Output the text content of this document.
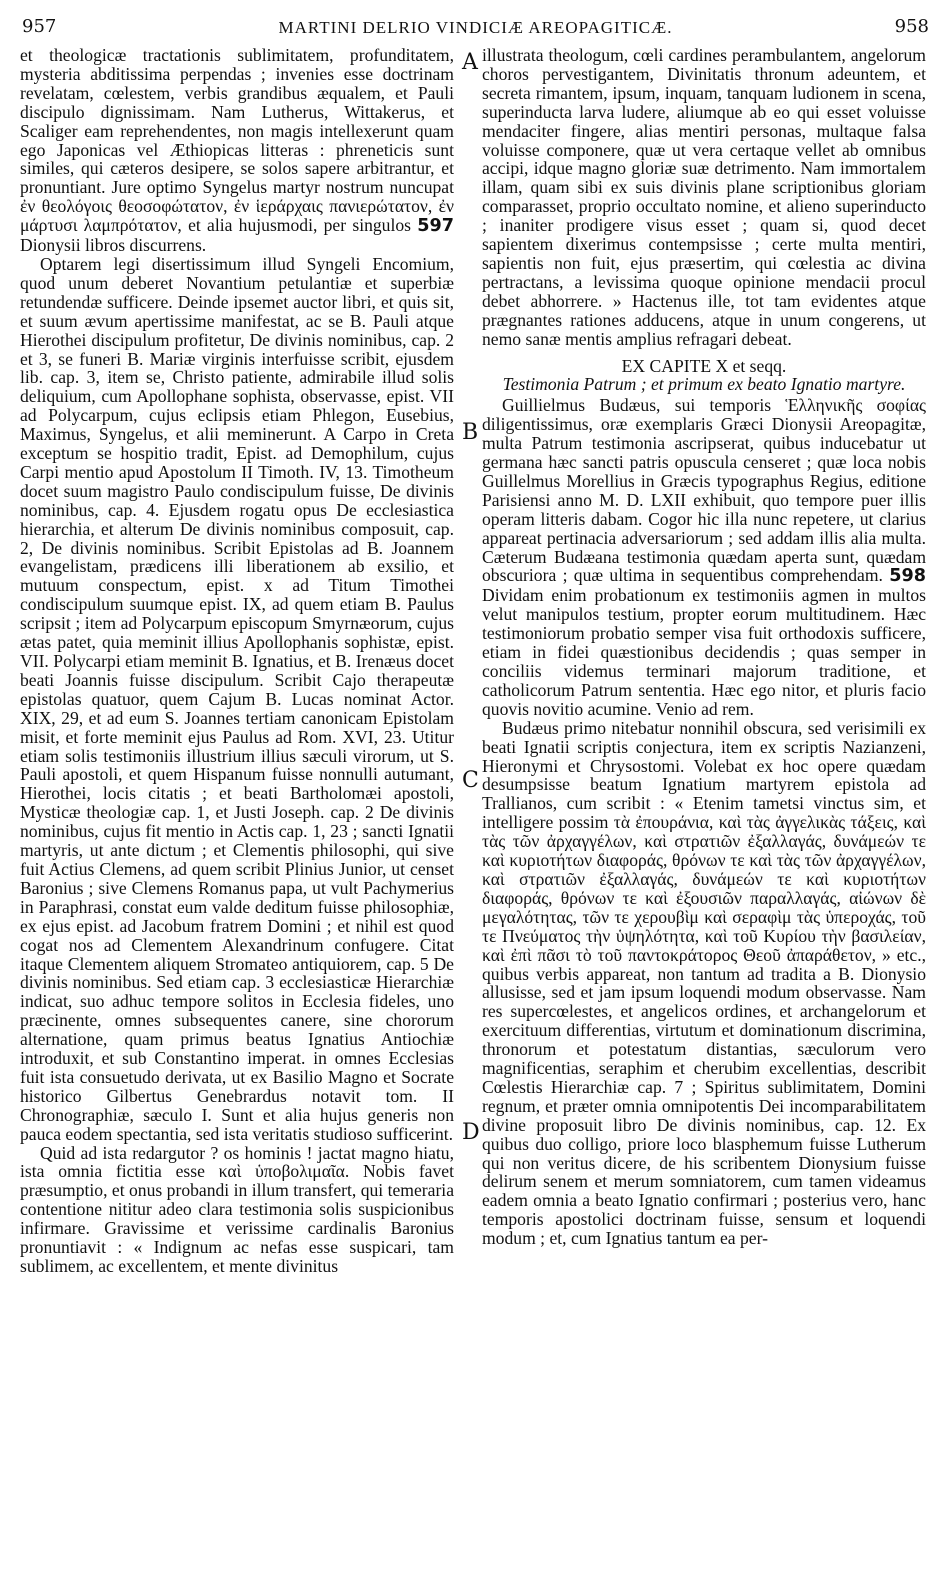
957	MARTINI DELRIO VINDICIÆ AREOPAGITICÆ.	958
A
B
C
D

et theologicæ tractationis sublimitatem, profunditatem, mysteria abditissima perpendas ; invenies esse doctrinam revelatam, cœlestem, verbis grandibus æqualem, et Pauli discipulo dignissimam. Nam Lutherus, Wittakerus, et Scaliger eam reprehendentes, non magis intellexerunt quam ego Japonicas vel Æthiopicas litteras : phreneticis sunt similes, qui cæteros desipere, se solos sapere arbitrantur, et pronuntiant. Jure optimo Syngelus martyr nostrum nuncupat ἐν θεολόγοις θεοσοφώτατον, ἐν ἱεράρχαις πανιερώτατον, ἐν μάρτυσι λαμπρότατον, et alia hujusmodi, per singulos 597 Dionysii libros discurrens.

Optarem legi disertissimum illud Syngeli Encomium, quod unum deberet Novantium petulantiæ et superbiæ retundendæ sufficere. Deinde ipsemet auctor libri, et quis sit, et suum ævum apertissime manifestat, ac se B. Pauli atque Hierothei discipulum profitetur, De divinis nominibus, cap. 2 et 3, se funeri B. Mariæ virginis interfuisse scribit, ejusdem lib. cap. 3, item se, Christo patiente, admirabile illud solis deliquium, cum Apollophane sophista, observasse, epist. VII ad Polycarpum, cujus eclipsis etiam Phlegon, Eusebius, Maximus, Syngelus, et alii meminerunt. A Carpo in Creta exceptum se hospitio tradit, Epist. ad Demophilum, cujus Carpi mentio apud Apostolum II Timoth. IV, 13. Timotheum docet suum magistro Paulo condiscipulum fuisse, De divinis nominibus, cap. 4. Ejusdem rogatu opus De ecclesiastica hierarchia, et alterum De divinis nominibus composuit, cap. 2, De divinis nominibus. Scribit Epistolas ad B. Joannem evangelistam, prædicens illi liberationem ab exsilio, et mutuum conspectum, epist. x ad Titum Timothei condiscipulum suumque epist. IX, ad quem etiam B. Paulus scripsit ; item ad Polycarpum episcopum Smyrnæorum, cujus ætas patet, quia meminit illius Apollophanis sophistæ, epist. VII. Polycarpi etiam meminit B. Ignatius, et B. Irenæus docet beati Joannis fuisse discipulum. Scribit Cajo therapeutæ epistolas quatuor, quem Cajum B. Lucas nominat Actor. XIX, 29, et ad eum S. Joannes tertiam canonicam Epistolam misit, et forte meminit ejus Paulus ad Rom. XVI, 23. Utitur etiam solis testimoniis illustrium illius sæculi virorum, ut S. Pauli apostoli, et quem Hispanum fuisse nonnulli autumant, Hierothei, locis citatis ; et beati Bartholomæi apostoli, Mysticæ theologiæ cap. 1, et Justi Joseph. cap. 2 De divinis nominibus, cujus fit mentio in Actis cap. 1, 23 ; sancti Ignatii martyris, ut ante dictum ; et Clementis philosophi, qui sive fuit Actius Clemens, ad quem scribit Plinius Junior, ut censet Baronius ; sive Clemens Romanus papa, ut vult Pachymerius in Paraphrasi, constat eum valde deditum fuisse philosophiæ, ex ejus epist. ad Jacobum fratrem Domini ; et nihil est quod cogat nos ad Clementem Alexandrinum confugere. Citat itaque Clementem aliquem Stromateo antiquiorem, cap. 5 De divinis nominibus. Sed etiam cap. 3 ecclesiasticæ Hierarchiæ indicat, suo adhuc tempore solitos in Ecclesia fideles, uno præcinente, omnes subsequentes canere, sine chororum alternatione, quam primus beatus Ignatius Antiochiæ introduxit, et sub Constantino imperat. in omnes Ecclesias fuit ista consuetudo derivata, ut ex Basilio Magno et Socrate historico Gilbertus Genebrardus notavit tom. II Chronographiæ, sæculo I. Sunt et alia hujus generis non pauca eodem spectantia, sed ista veritatis studioso sufficerint.

Quid ad ista redargutor ? os hominis ! jactat magno hiatu, ista omnia fictitia esse καὶ ὑποβολιμαῖα. Nobis favet præsumptio, et onus probandi in illum transfert, qui temeraria contentione nititur adeo clara testimonia solis suspicionibus infirmare. Gravissime et verissime cardinalis Baronius pronuntiavit : « Indignum ac nefas esse suspicari, tam sublimem, ac excellentem, et mente divinitus

illustrata theologum, cœli cardines perambulantem, angelorum choros pervestigantem, Divinitatis thronum adeuntem, et secreta rimantem, ipsum, inquam, tanquam ludionem in scena, superinducta larva ludere, aliumque ab eo qui esset voluisse mendaciter fingere, alias mentiri personas, multaque falsa voluisse componere, quæ ut vera certaque vellet ab omnibus accipi, idque magno gloriæ suæ detrimento. Nam immortalem illam, quam sibi ex suis divinis plane scriptionibus gloriam comparasset, proprio occultato nomine, et alieno superinducto ; inaniter prodigere visus esset ; quam si, quod decet sapientem dixerimus contempsisse ; certe multa mentiri, sapientis non fuit, ejus præsertim, qui cœlestia ac divina pertractans, a levissima quoque opinione mendacii procul debet abhorrere. » Hactenus ille, tot tam evidentes atque prægnantes rationes adducens, atque in unum congerens, ut nemo sanæ mentis amplius refragari debeat.

EX CAPITE X et seqq.

Testimonia Patrum ; et primum ex beato Ignatio martyre.

Guillielmus Budæus, sui temporis Ἑλληνικῆς σοφίας diligentissimus, oræ exemplaris Græci Dionysii Areopagitæ, multa Patrum testimonia ascripserat, quibus inducebatur ut germana hæc sancti patris opuscula censeret ; quæ loca nobis Guillelmus Morellius in Græcis typographus Regius, editione Parisiensi anno M. D. LXII exhibuit, quo tempore puer illis operam litteris dabam. Cogor hic illa nunc repetere, ut clarius appareat pertinacia adversariorum ; sed addam illis alia multa. Cæterum Budæana testimonia quædam aperta sunt, quædam obscuriora ; quæ ultima in sequentibus comprehendam. 598 Dividam enim probationum ex testimoniis agmen in multos velut manipulos testium, propter eorum multitudinem. Hæc testimoniorum probatio semper visa fuit orthodoxis sufficere, etiam in fidei quæstionibus decidendis ; quas semper in conciliis videmus terminari majorum traditione, et catholicorum Patrum sententia. Hæc ego nitor, et pluris facio quovis novitio acumine. Venio ad rem.

Budæus primo nitebatur nonnihil obscura, sed verisimili ex beati Ignatii scriptis conjectura, item ex scriptis Nazianzeni, Hieronymi et Chrysostomi. Volebat ex hoc opere quædam desumpsisse beatum Ignatium martyrem epistola ad Trallianos, cum scribit : « Etenim tametsi vinctus sim, et intelligere possim τὰ ἐπουράνια, καὶ τὰς ἀγγελικὰς τάξεις, καὶ τὰς τῶν ἀρχαγγέλων, καὶ στρατιῶν ἐξαλλαγάς, δυνάμεών τε καὶ κυριοτήτων διαφοράς, θρόνων τε καὶ τὰς τῶν ἀρχαγγέλων, καὶ στρατιῶν ἐξαλλαγάς, δυνάμεών τε καὶ κυριοτήτων διαφοράς, θρόνων τε καὶ ἐξουσιῶν παραλλαγάς, αἰώνων δὲ μεγαλότητας, τῶν τε χερουβὶμ καὶ σεραφὶμ τὰς ὑπεροχάς, τοῦ τε Πνεύματος τὴν ὑψηλότητα, καὶ τοῦ Κυρίου τὴν βασιλείαν, καὶ ἐπὶ πᾶσι τὸ τοῦ παντοκράτορος Θεοῦ ἀπαράθετον, » etc., quibus verbis appareat, non tantum ad tradita a B. Dionysio allusisse, sed et jam ipsum loquendi modum observasse. Nam res supercœlestes, et angelicos ordines, et archangelorum et exercituum differentias, virtutum et dominationum discrimina, thronorum et potestatum distantias, sæculorum vero magnificentias, seraphim et cherubim excellentias, describit Cœlestis Hierarchiæ cap. 7 ; Spiritus sublimitatem, Domini regnum, et præter omnia omnipotentis Dei incomparabilitatem divine proposuit libro De divinis nominibus, cap. 12. Ex quibus duo colligo, priore loco blasphemum fuisse Lutherum qui non veritus dicere, de his scribentem Dionysium fuisse delirum senem et merum somniatorem, cum tamen videamus eadem omnia a beato Ignatio confirmari ; posterius vero, hanc temporis apostolici doctrinam fuisse, sensum et loquendi modum ; et, cum Ignatius tantum ea per-
